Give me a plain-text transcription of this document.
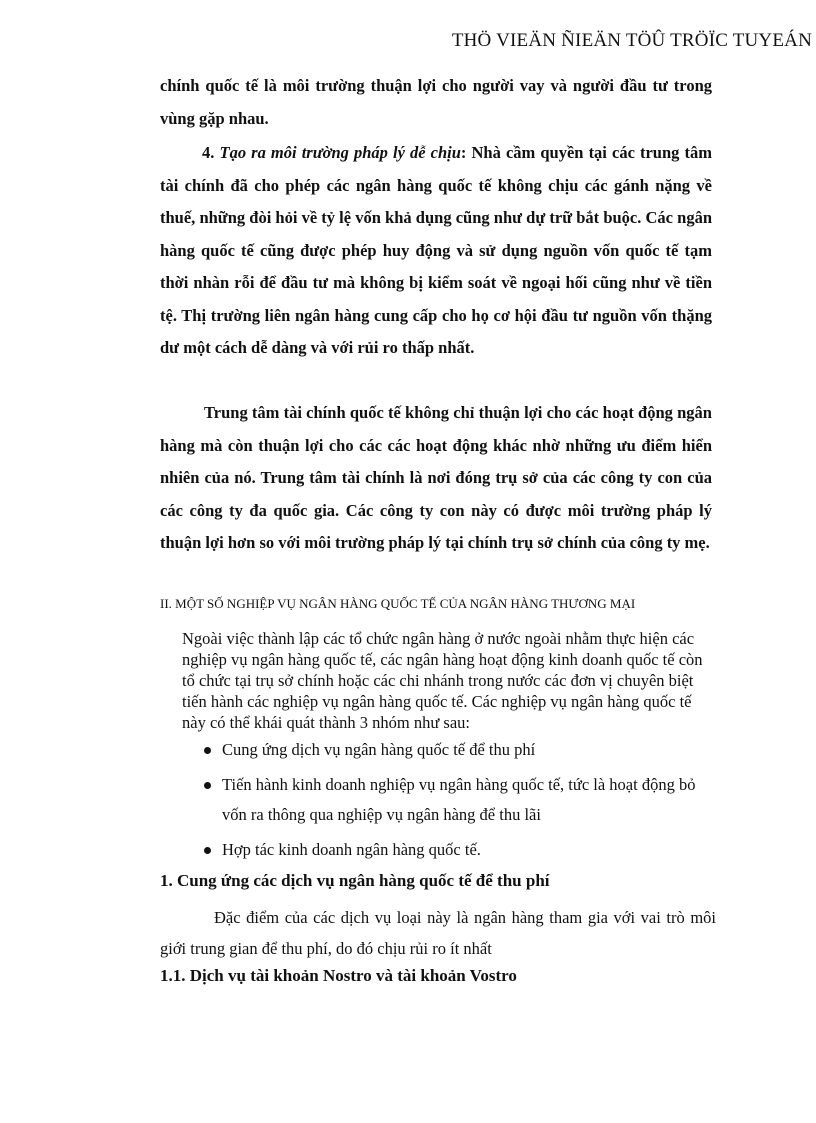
THÖ VIEÄN ÑIEÄN TÖÛ TRÖÏC TUYEÁN
chính quốc tế là môi trường thuận lợi cho người vay và người đầu tư trong vùng gặp nhau.
4. Tạo ra môi trường pháp lý dễ chịu: Nhà cầm quyền tại các trung tâm tài chính đã cho phép các ngân hàng quốc tế không chịu các gánh nặng về thuế, những đòi hỏi về tỷ lệ vốn khả dụng cũng như dự trữ bắt buộc. Các ngân hàng quốc tế cũng được phép huy động và sử dụng nguồn vốn quốc tế tạm thời nhàn rỗi để đầu tư mà không bị kiểm soát về ngoại hối cũng như về tiền tệ. Thị trường liên ngân hàng cung cấp cho họ cơ hội đầu tư nguồn vốn thặng dư một cách dễ dàng và với rủi ro thấp nhất.
Trung tâm tài chính quốc tế không chỉ thuận lợi cho các hoạt động ngân hàng mà còn thuận lợi cho các các hoạt động khác nhờ những ưu điểm hiển nhiên của nó. Trung tâm tài chính là nơi đóng trụ sở của các công ty con của các công ty đa quốc gia. Các công ty con này có được môi trường pháp lý thuận lợi hơn so với môi trường pháp lý tại chính trụ sở chính của công ty mẹ.
II. MỘT SỐ NGHIỆP VỤ NGÂN HÀNG QUỐC TẾ CỦA NGÂN HÀNG THƯƠNG MẠI
Ngoài việc thành lập các tổ chức ngân hàng ở nước ngoài nhằm thực hiện các nghiệp vụ ngân hàng quốc tế, các ngân hàng hoạt động kinh doanh quốc tế còn tổ chức tại trụ sở chính hoặc các chi nhánh trong nước các đơn vị chuyên biệt tiến hành các nghiệp vụ ngân hàng quốc tế. Các nghiệp vụ ngân hàng quốc tế này có thể khái quát thành 3 nhóm như sau:
Cung ứng dịch vụ ngân hàng quốc tế để thu phí
Tiến hành kinh doanh nghiệp vụ ngân hàng quốc tế, tức là hoạt động bỏ vốn ra thông qua nghiệp vụ ngân hàng để thu lãi
Hợp tác kinh doanh ngân hàng quốc tế.
1. Cung ứng các dịch vụ ngân hàng quốc tế để thu phí
Đặc điểm của các dịch vụ loại này là ngân hàng tham gia với vai trò môi giới trung gian để thu phí, do đó chịu rủi ro ít nhất
1.1. Dịch vụ tài khoản Nostro và tài khoản Vostro
